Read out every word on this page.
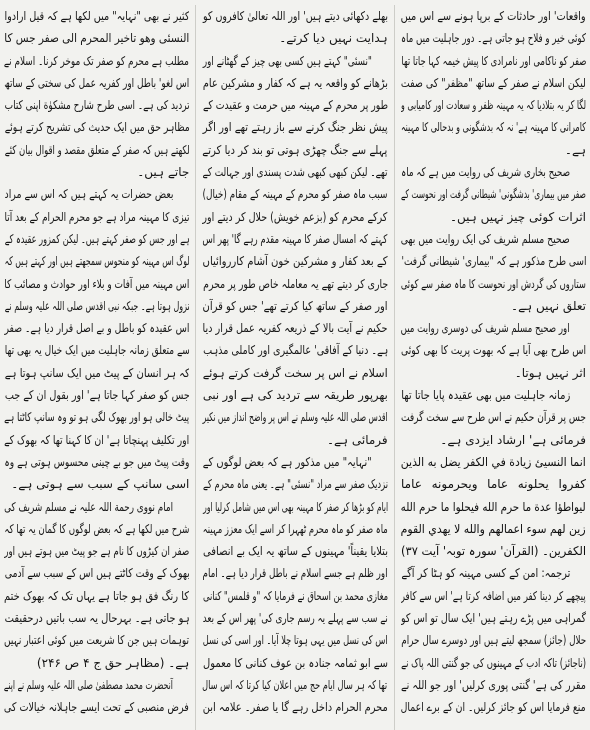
واقعات' اور حادثات کے برپا ہونے سے اس میں
کوئی خیر و فلاح ہو جاتی ہے۔ دور جاہلیت میں ماہ
صفر کو ناکامی اور نامرادی کا پیش خیمہ کہا جاتا تھا
لیکن اسلام نے صفر کے ساتھ "مظفر" کی صفت
لگا کر یہ بتلادیا کہ یہ مہینہ ظفر و سعادت اور کامیابی و
کامرانی کا مہینہ ہے' نہ کہ بدشگونی و بدحالی کا مہینہ
ہے۔
صحیح بخاری شریف کی روایت میں ہے کہ ماہ
صفر میں بیماری' بدشگونی' شیطانی گرفت اور نحوست کے
اثرات کوئی چیز نہیں ہیں۔
صحیح مسلم شریف کی ایک روایت میں بھی
اسی طرح مذکور ہے کہ "بیماری' شیطانی گرفت'
ستاروں کی گردش اور نحوست کا ماہ صفر سے کوئی
تعلق نہیں ہے۔
اور صحیح مسلم شریف کی دوسری روایت میں
اس طرح بھی آیا ہے کہ بھوت پریت کا بھی کوئی
اثر نہیں ہوتا۔
زمانہ جاہلیت میں بھی عقیدہ پایا جاتا تھا
جس پر قرآن حکیم نے اس طرح سے سخت گرفت
فرمائی ہے' ارشاد ایزدی ہے۔
انما النسيئ زيادة في الكفر يضل به الذين
كفروا يحلونه عاما ويحرمونه عاما
ليواطؤا عدة ما حرم الله فيحلوا ما حرم الله
زين لهم سوء اعمالهم والله لا يهدي القوم
الكفرين۔ (القرآن' سورہ توبہ' آیت ۳۷)
ترجمہ: امن کے کسی مہینہ کو ہٹا کر آگے
پیچھے کر دینا کفر میں اضافہ کرتا ہے' اس سے کافر
گمراہی میں پڑے رہتے ہیں' ایک سال تو اس کو
حلال (جائز) سمجھ لیتے ہیں اور دوسرے سال حرام
(ناجائز) تاکہ ادب کے مہینوں کی جو گنتی اللہ پاک نے
مقرر کی ہے' گنتی پوری کرلیں' اور جو اللہ نے
منع فرمایا اس کو جائز کرلیں۔ ان کے برے اعمال
بھلے دکھائی دیتے ہیں' اور اللہ تعالیٰ کافروں کو
ہدایت نہیں دیا کرتے۔
"نسئی" کہتے ہیں کسی بھی چیز کے گھٹانے اور
بڑھانے کو واقعہ یہ ہے کہ کفار و مشرکین عام
طور پر محرم کے مہینہ میں حرمت و عقیدت کے
پیش نظر جنگ کرنے سے باز رہتے تھے اور اگر
پہلے سے جنگ چھڑی ہوتی تو بند کر دیا کرتے
تھے۔ لیکن کبھی کبھی شدت پسندی اور جہالت کے
سبب ماہ صفر کو محرم کے مہینہ کے مقام (خیال)
کرکے محرم کو (بزعم خویش) حلال کر دیتے اور
کہتے کہ امسال صفر کا مہینہ مقدم رہے گا' پھر اس
کے بعد کفار و مشرکین خون آشام کارروائیاں
جاری کر دیتے تھے یہ معاملہ خاص طور پر محرم
اور صفر کے ساتھ کیا کرتے تھے' جس کو قرآن
حکیم نے آیت بالا کے ذریعہ کفریہ عمل قرار دیا
ہے۔ دنیا کے آفاقی' عالمگیری اور کاملی مذہب
اسلام نے اس پر سخت گرفت کرتے ہوئے
بھرپور طریقہ سے تردید کی ہے اور نبی
اقدس صلی اللہ علیہ وسلم نے اس پر واضح انداز میں نکیر
فرمائی ہے۔
"نہایہ" میں مذکور ہے کہ بعض لوگوں کے
نزدیک صفر سے مراد "نسئی" ہے۔ یعنی ماہ محرم کے
ایام کو بڑھا کر صفر کا مہینہ بھی اس میں شامل کرلیا اور
ماہ صفر کو ماہ محرم ٹھہرا کر اسے ایک معزز مہینہ
بتلایا یقیناً' مہینوں کے ساتھ یہ ایک بے انصافی
اور ظلم ہے جسے اسلام نے باطل قرار دیا ہے۔ امام
مغازی محمد بن اسحاق نے فرمایا کہ "و قلمس" کنانی
نے سب سے پہلے یہ رسم جاری کی' پھر اس کے بعد
اس کی نسل میں یہی ہوتا چلا آیا۔ اور اسی کی نسل
سے ابو ثمامہ جنادہ بن عوف کنانی کا معمول
تھا کہ ہر سال ایام حج میں اعلان کیا کرتا کہ اس سال
محرم الحرام داخل رہے گا یا صفر۔ علامہ ابن
کثیر نے بھی "نہایہ" میں لکھا ہے کہ قیل ارادوا
النسئی وھو تاخیر المحرم الی صفر جس کا
مطلب ہے محرم کو صفر تک موخر کرنا۔ اسلام نے
اس لغو' باطل اور کفریہ عمل کی سختی کے ساتھ
تردید کی ہے۔ اسی طرح شارح مشکوٰة اپنی کتاب
مظاہر حق میں ایک حدیث کی تشریح کرتے ہوئے
لکھتے ہیں کہ صفر کے متعلق مقصد و اقوال بیان کئے
جاتے ہیں۔
بعض حضرات یہ کہتے ہیں کہ اس سے مراد
تیزی کا مہینہ مراد ہے جو محرم الحرام کے بعد آتا
ہے اور جس کو صفر کہتے ہیں۔ لیکن کمزور عقیدہ کے
لوگ اس مہینہ کو منحوس سمجھتے ہیں اور کہتے ہیں کہ
اس مہینہ میں آفات و بلاء اور حوادث و مصائب کا
نزول ہوتا ہے۔ جبکہ نبی اقدس صلی اللہ علیہ وسلم نے
اس عقیدہ کو باطل و بے اصل قرار دیا ہے۔ صفر
سے متعلق زمانہ جاہلیت میں ایک خیال یہ بھی تھا
کہ ہر انسان کے پیٹ میں ایک سانپ ہوتا ہے
جس کو صفر کہا جاتا ہے' اور بقول ان کے جب
پیٹ خالی ہو اور بھوک لگی ہو تو وہ سانپ کاٹتا ہے
اور تکلیف پہنچاتا ہے' ان کا کہنا تھا کہ بھوک کے
وقت پیٹ میں جو بے چینی محسوس ہوتی ہے وہ
اسی سانپ کے سبب سے ہوتی ہے۔
امام نووی رحمة اللہ علیہ نے مسلم شریف کی
شرح میں لکھا ہے کہ بعض لوگوں کا گمان یہ تھا کہ
صفر ان کیڑوں کا نام ہے جو پیٹ میں ہوتے ہیں اور
بھوک کے وقت کاٹتے ہیں اس کے سبب سے آدمی
کا رنگ فق ہو جاتا ہے یہاں تک کہ بھوک ختم
ہو جاتی ہے۔ بہرحال یہ سب باتیں درحقیقت
توہمات ہیں جن کا شریعت میں کوئی اعتبار نہیں
ہے۔ (مظاہر حق ج ۴ ص ۲۴۶)
آنحضرت محمد مصطفیٰ صلی اللہ علیہ وسلم نے اپنے
فرض منصبی کے تحت ایسے جاہلانہ خیالات کی
